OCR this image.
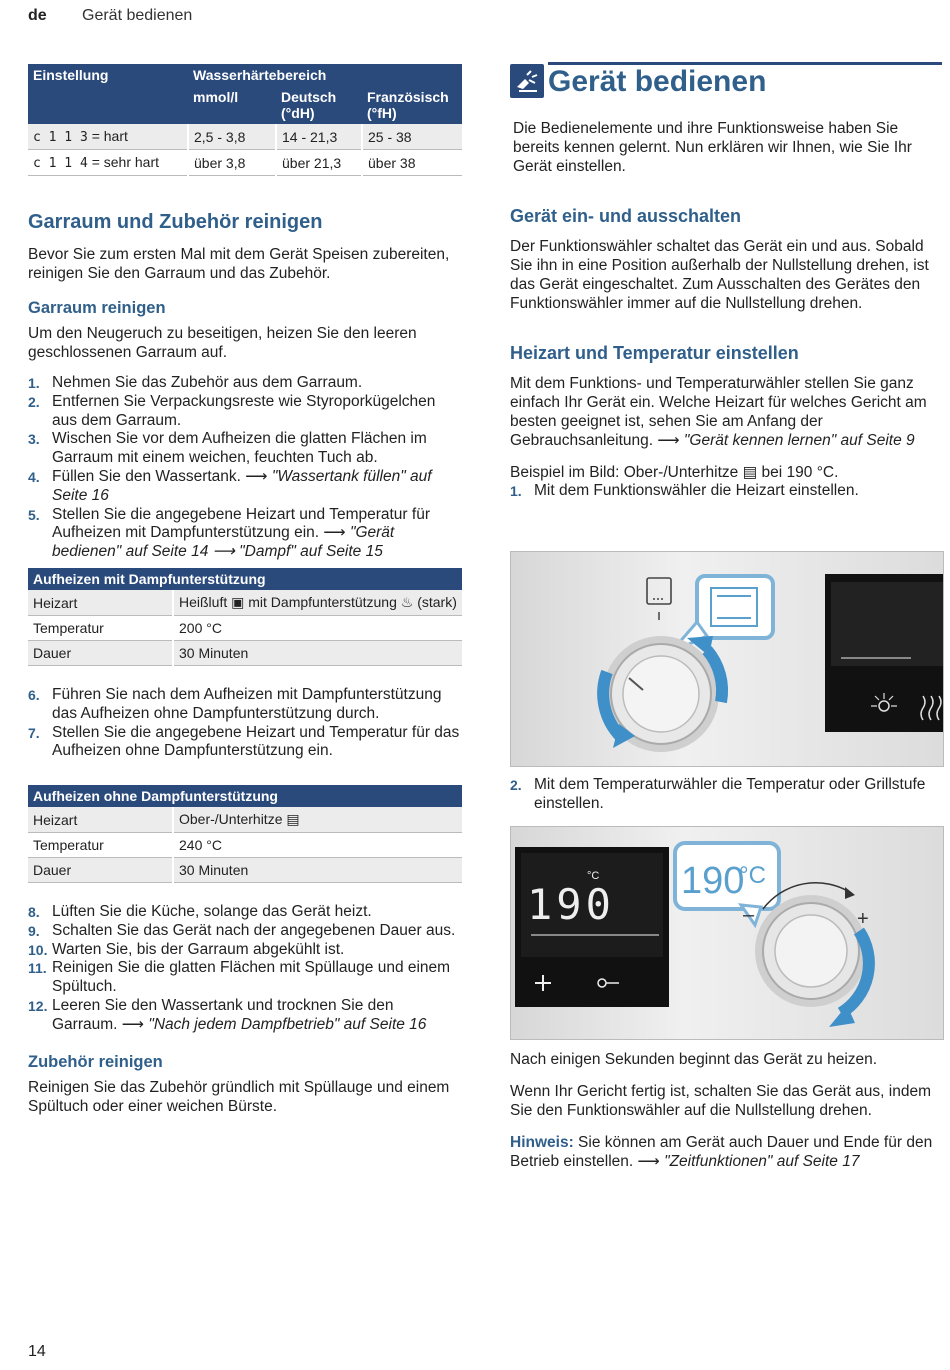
de Gerät bedienen
Einstellung	Wasserhärtebereich		
	mmol/l	Deutsch (°dH)	Französisch (°fH)
c 1 1 3 = hart	2,5 - 3,8	14 - 21,3	25 - 38
c 1 1 4 = sehr hart	über 3,8	über 21,3	über 38
Garraum und Zubehör reinigen

Bevor Sie zum ersten Mal mit dem Gerät Speisen zubereiten, reinigen Sie den Garraum und das Zubehör.

Garraum reinigen

Um den Neugeruch zu beseitigen, heizen Sie den leeren geschlossenen Garraum auf.

1. Nehmen Sie das Zubehör aus dem Garraum.
2. Entfernen Sie Verpackungsreste wie Styroporkügelchen aus dem Garraum.
3. Wischen Sie vor dem Aufheizen die glatten Flächen im Garraum mit einem weichen, feuchten Tuch ab.
4. Füllen Sie den Wassertank. ⟶ "Wassertank füllen" auf Seite 16
5. Stellen Sie die angegebene Heizart und Temperatur für Aufheizen mit Dampfunterstützung ein. ⟶ "Gerät bedienen" auf Seite 14 ⟶ "Dampf" auf Seite 15
Aufheizen mit Dampfunterstützung	
Heizart	Heißluft ▣ mit Dampfunterstützung ♨ (stark)
Temperatur	200 °C
Dauer	30 Minuten
6. Führen Sie nach dem Aufheizen mit Dampfunterstützung das Aufheizen ohne Dampfunterstützung durch.
7. Stellen Sie die angegebene Heizart und Temperatur für das Aufheizen ohne Dampfunterstützung ein.
Aufheizen ohne Dampfunterstützung	
Heizart	Ober-/Unterhitze ▤
Temperatur	240 °C
Dauer	30 Minuten
8. Lüften Sie die Küche, solange das Gerät heizt.
9. Schalten Sie das Gerät nach der angegebenen Dauer aus.
10. Warten Sie, bis der Garraum abgekühlt ist.
11. Reinigen Sie die glatten Flächen mit Spüllauge und einem Spültuch.
12. Leeren Sie den Wassertank und trocknen Sie den Garraum. ⟶ "Nach jedem Dampfbetrieb" auf Seite 16
Zubehör reinigen

Reinigen Sie das Zubehör gründlich mit Spüllauge und einem Spültuch oder einer weichen Bürste.

Gerät bedienen

Die Bedienelemente und ihre Funktionsweise haben Sie bereits kennen gelernt. Nun erklären wir Ihnen, wie Sie Ihr Gerät einstellen.

Gerät ein- und ausschalten

Der Funktionswähler schaltet das Gerät ein und aus. Sobald Sie ihn in eine Position außerhalb der Nullstellung drehen, ist das Gerät eingeschaltet. Zum Ausschalten des Gerätes den Funktionswähler immer auf die Nullstellung drehen.

Heizart und Temperatur einstellen

Mit dem Funktions- und Temperaturwähler stellen Sie ganz einfach Ihr Gerät ein. Welche Heizart für welches Gericht am besten geeignet ist, sehen Sie am Anfang der Gebrauchsanleitung. ⟶ "Gerät kennen lernen" auf Seite 9

Beispiel im Bild: Ober-/Unterhitze ▤ bei 190 °C.

1. Mit dem Funktionswähler die Heizart einstellen.
2. Mit dem Temperaturwähler die Temperatur oder Grillstufe einstellen.
190
°C 190
°C
–	+

Nach einigen Sekunden beginnt das Gerät zu heizen.

Wenn Ihr Gericht fertig ist, schalten Sie das Gerät aus, indem Sie den Funktionswähler auf die Nullstellung drehen.

Hinweis: Sie können am Gerät auch Dauer und Ende für den Betrieb einstellen. ⟶ "Zeitfunktionen" auf Seite 17

14
